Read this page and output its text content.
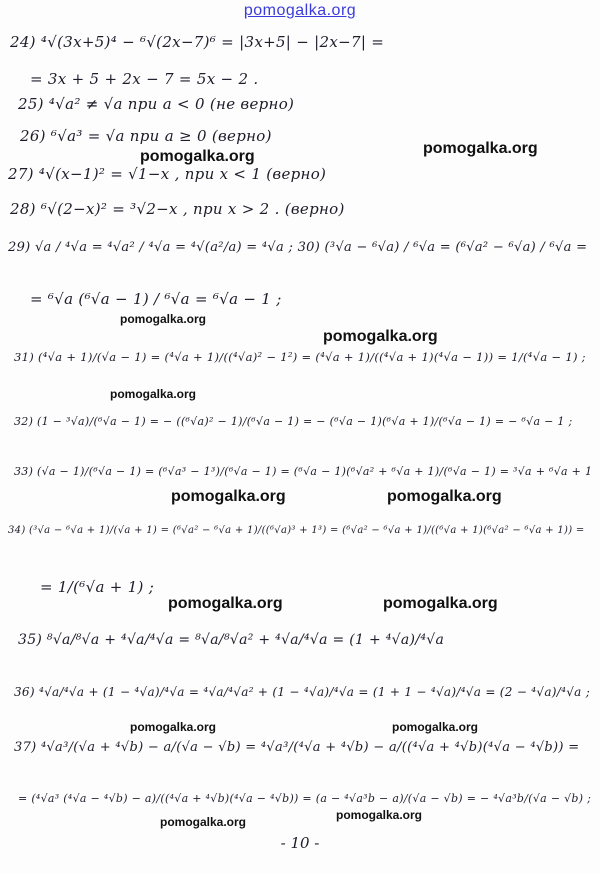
pomogalka.org
24) ⁴√(3x+5)⁴ − ⁶√(2x−7)⁶ = |3x+5| − |2x−7| =
= 3x + 5 + 2x − 7 = 5x − 2 .
25) ⁴√a² ≠ √a при a < 0 (не верно)
26) ⁶√a³ = √a при a ≥ 0 (верно)
27) ⁴√(x−1)² = √1−x , при x < 1 (верно)
28) ⁶√(2−x)² = ³√2−x , при x > 2 . (верно)
29) √a / ⁴√a = ⁴√a² / ⁴√a = ⁴√(a²/a) = ⁴√a ; 30) (³√a − ⁶√a) / ⁶√a = (⁶√a² − ⁶√a) / ⁶√a =
= ⁶√a (⁶√a − 1) / ⁶√a = ⁶√a − 1 ;
31) (⁴√a + 1)/(√a − 1) = (⁴√a + 1)/((⁴√a)² − 1²) = (⁴√a + 1)/((⁴√a + 1)(⁴√a − 1)) = 1/(⁴√a − 1) ;
32) (1 − ³√a)/(⁶√a − 1) = − ((⁶√a)² − 1)/(⁶√a − 1) = − (⁶√a − 1)(⁶√a + 1)/(⁶√a − 1) = − ⁶√a − 1 ;
33) (√a − 1)/(⁶√a − 1) = (⁶√a³ − 1³)/(⁶√a − 1) = (⁶√a − 1)(⁶√a² + ⁶√a + 1)/(⁶√a − 1) = ³√a + ⁶√a + 1
34) (³√a − ⁶√a + 1)/(√a + 1) = (⁶√a² − ⁶√a + 1)/((⁶√a)³ + 1³) = (⁶√a² − ⁶√a + 1)/((⁶√a + 1)(⁶√a² − ⁶√a + 1)) =
= 1/(⁶√a + 1) ;
35) ⁸√a/⁸√a + ⁴√a/⁴√a = ⁸√a/⁸√a² + ⁴√a/⁴√a = (1 + ⁴√a)/⁴√a
36) ⁴√a/⁴√a + (1 − ⁴√a)/⁴√a = ⁴√a/⁴√a² + (1 − ⁴√a)/⁴√a = (1 + 1 − ⁴√a)/⁴√a = (2 − ⁴√a)/⁴√a ;
37) ⁴√a³/(√a + ⁴√b) − a/(√a − √b) = ⁴√a³/(⁴√a + ⁴√b) − a/((⁴√a + ⁴√b)(⁴√a − ⁴√b)) =
= (⁴√a³ (⁴√a − ⁴√b) − a)/((⁴√a + ⁴√b)(⁴√a − ⁴√b)) = (a − ⁴√a³b − a)/(√a − √b) = − ⁴√a³b/(√a − √b) ;
pomogalka.org
pomogalka.org
pomogalka.org
pomogalka.org
pomogalka.org
pomogalka.org	pomogalka.org
pomogalka.org	pomogalka.org
pomogalka.org	pomogalka.org
pomogalka.org	pomogalka.org
- 10 -
